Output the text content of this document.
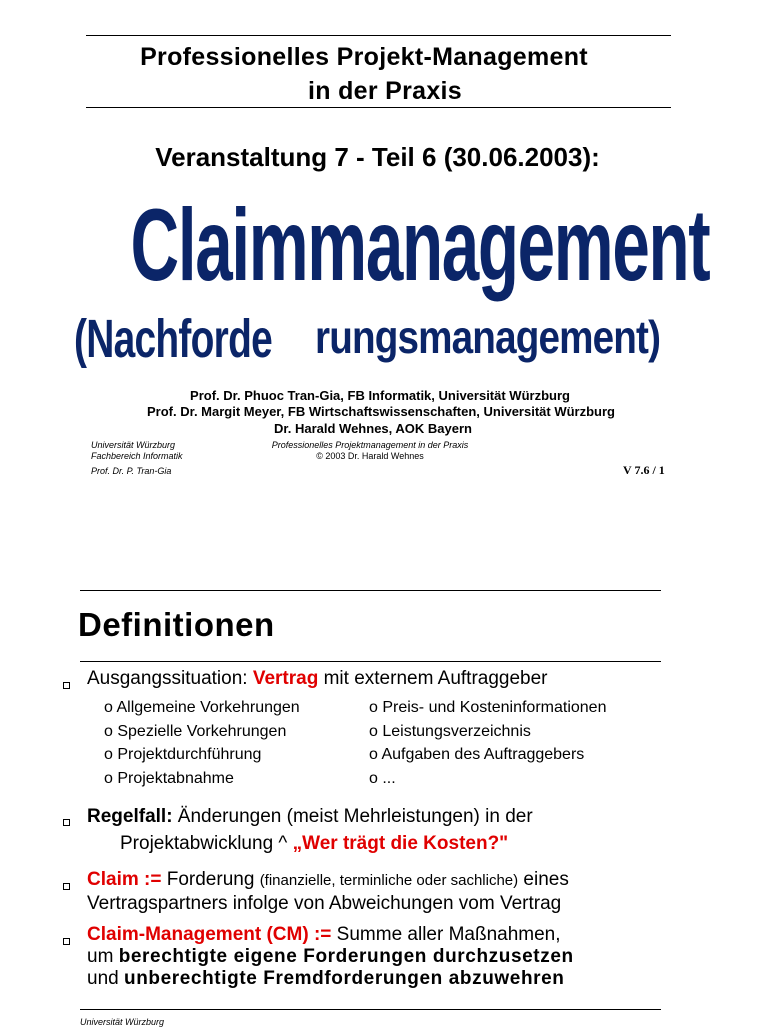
Professionelles Projekt-Management
in der Praxis
Veranstaltung 7 - Teil 6 (30.06.2003):
Claimmanagement
(Nachforde rungsmanagement)
Prof. Dr. Phuoc Tran-Gia, FB Informatik, Universität Würzburg
Prof. Dr. Margit Meyer, FB Wirtschaftswissenschaften, Universität Würzburg
Dr. Harald Wehnes, AOK Bayern
Universität Würzburg
Fachbereich Informatik
Prof. Dr. P. Tran-Gia
Professionelles Projektmanagement in der Praxis
© 2003 Dr. Harald Wehnes
V 7.6 / 1
Definitionen
Ausgangssituation: Vertrag mit externem Auftraggeber
o Allgemeine Vorkehrungen
o Spezielle Vorkehrungen
o Projektdurchführung
o Projektabnahme
o Preis- und Kosteninformationen
o Leistungsverzeichnis
o Aufgaben des Auftraggebers
o ...
Regelfall: Änderungen (meist Mehrleistungen) in der
Projektabwicklung ^ „Wer trägt die Kosten?"
Claim := Forderung (finanzielle, terminliche oder sachliche) eines
Vertragspartners infolge von Abweichungen vom Vertrag
Claim-Management (CM) := Summe aller Maßnahmen,
um berechtigte eigene Forderungen durchzusetzen
und unberechtigte Fremdforderungen abzuwehren
Universität Würzburg
